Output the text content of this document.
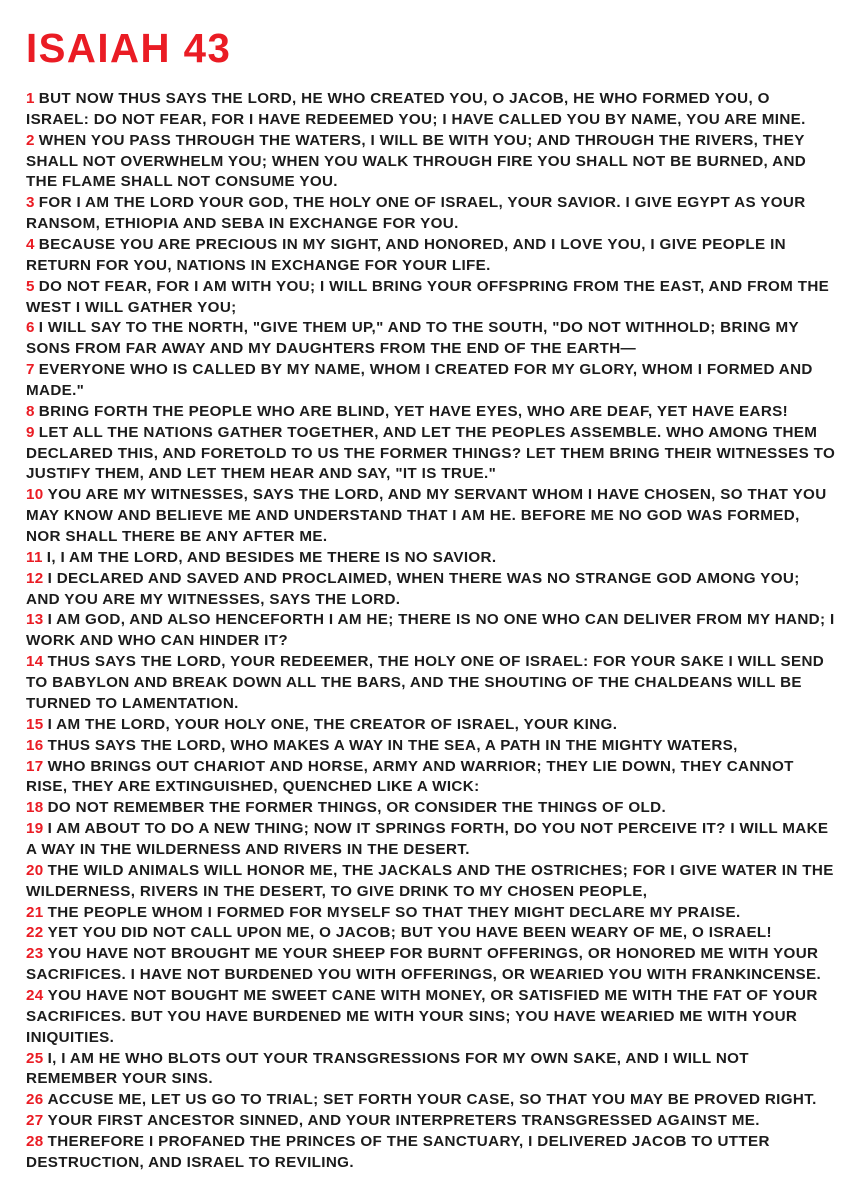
ISAIAH 43

1 BUT NOW THUS SAYS THE LORD, HE WHO CREATED YOU, O JACOB, HE WHO FORMED YOU, O ISRAEL: DO NOT FEAR, FOR I HAVE REDEEMED YOU; I HAVE CALLED YOU BY NAME, YOU ARE MINE.

2 WHEN YOU PASS THROUGH THE WATERS, I WILL BE WITH YOU; AND THROUGH THE RIVERS, THEY SHALL NOT OVERWHELM YOU; WHEN YOU WALK THROUGH FIRE YOU SHALL NOT BE BURNED, AND THE FLAME SHALL NOT CONSUME YOU.

3 FOR I AM THE LORD YOUR GOD, THE HOLY ONE OF ISRAEL, YOUR SAVIOR. I GIVE EGYPT AS YOUR RANSOM, ETHIOPIA AND SEBA IN EXCHANGE FOR YOU.

4 BECAUSE YOU ARE PRECIOUS IN MY SIGHT, AND HONORED, AND I LOVE YOU, I GIVE PEOPLE IN RETURN FOR YOU, NATIONS IN EXCHANGE FOR YOUR LIFE.

5 DO NOT FEAR, FOR I AM WITH YOU; I WILL BRING YOUR OFFSPRING FROM THE EAST, AND FROM THE WEST I WILL GATHER YOU;

6 I WILL SAY TO THE NORTH, "GIVE THEM UP," AND TO THE SOUTH, "DO NOT WITHHOLD; BRING MY SONS FROM FAR AWAY AND MY DAUGHTERS FROM THE END OF THE EARTH—

7 EVERYONE WHO IS CALLED BY MY NAME, WHOM I CREATED FOR MY GLORY, WHOM I FORMED AND MADE."

8 BRING FORTH THE PEOPLE WHO ARE BLIND, YET HAVE EYES, WHO ARE DEAF, YET HAVE EARS!

9 LET ALL THE NATIONS GATHER TOGETHER, AND LET THE PEOPLES ASSEMBLE. WHO AMONG THEM DECLARED THIS, AND FORETOLD TO US THE FORMER THINGS? LET THEM BRING THEIR WITNESSES TO JUSTIFY THEM, AND LET THEM HEAR AND SAY, "IT IS TRUE."

10 YOU ARE MY WITNESSES, SAYS THE LORD, AND MY SERVANT WHOM I HAVE CHOSEN, SO THAT YOU MAY KNOW AND BELIEVE ME AND UNDERSTAND THAT I AM HE. BEFORE ME NO GOD WAS FORMED, NOR SHALL THERE BE ANY AFTER ME.

11 I, I AM THE LORD, AND BESIDES ME THERE IS NO SAVIOR.

12 I DECLARED AND SAVED AND PROCLAIMED, WHEN THERE WAS NO STRANGE GOD AMONG YOU; AND YOU ARE MY WITNESSES, SAYS THE LORD.

13 I AM GOD, AND ALSO HENCEFORTH I AM HE; THERE IS NO ONE WHO CAN DELIVER FROM MY HAND; I WORK AND WHO CAN HINDER IT?

14 THUS SAYS THE LORD, YOUR REDEEMER, THE HOLY ONE OF ISRAEL: FOR YOUR SAKE I WILL SEND TO BABYLON AND BREAK DOWN ALL THE BARS, AND THE SHOUTING OF THE CHALDEANS WILL BE TURNED TO LAMENTATION.

15 I AM THE LORD, YOUR HOLY ONE, THE CREATOR OF ISRAEL, YOUR KING.

16 THUS SAYS THE LORD, WHO MAKES A WAY IN THE SEA, A PATH IN THE MIGHTY WATERS,

17 WHO BRINGS OUT CHARIOT AND HORSE, ARMY AND WARRIOR; THEY LIE DOWN, THEY CANNOT RISE, THEY ARE EXTINGUISHED, QUENCHED LIKE A WICK:

18 DO NOT REMEMBER THE FORMER THINGS, OR CONSIDER THE THINGS OF OLD.

19 I AM ABOUT TO DO A NEW THING; NOW IT SPRINGS FORTH, DO YOU NOT PERCEIVE IT? I WILL MAKE A WAY IN THE WILDERNESS AND RIVERS IN THE DESERT.

20 THE WILD ANIMALS WILL HONOR ME, THE JACKALS AND THE OSTRICHES; FOR I GIVE WATER IN THE WILDERNESS, RIVERS IN THE DESERT, TO GIVE DRINK TO MY CHOSEN PEOPLE,

21 THE PEOPLE WHOM I FORMED FOR MYSELF SO THAT THEY MIGHT DECLARE MY PRAISE.

22 YET YOU DID NOT CALL UPON ME, O JACOB; BUT YOU HAVE BEEN WEARY OF ME, O ISRAEL!

23 YOU HAVE NOT BROUGHT ME YOUR SHEEP FOR BURNT OFFERINGS, OR HONORED ME WITH YOUR SACRIFICES. I HAVE NOT BURDENED YOU WITH OFFERINGS, OR WEARIED YOU WITH FRANKINCENSE.

24 YOU HAVE NOT BOUGHT ME SWEET CANE WITH MONEY, OR SATISFIED ME WITH THE FAT OF YOUR SACRIFICES. BUT YOU HAVE BURDENED ME WITH YOUR SINS; YOU HAVE WEARIED ME WITH YOUR INIQUITIES.

25 I, I AM HE WHO BLOTS OUT YOUR TRANSGRESSIONS FOR MY OWN SAKE, AND I WILL NOT REMEMBER YOUR SINS.

26 ACCUSE ME, LET US GO TO TRIAL; SET FORTH YOUR CASE, SO THAT YOU MAY BE PROVED RIGHT.

27 YOUR FIRST ANCESTOR SINNED, AND YOUR INTERPRETERS TRANSGRESSED AGAINST ME.

28 THEREFORE I PROFANED THE PRINCES OF THE SANCTUARY, I DELIVERED JACOB TO UTTER DESTRUCTION, AND ISRAEL TO REVILING.
